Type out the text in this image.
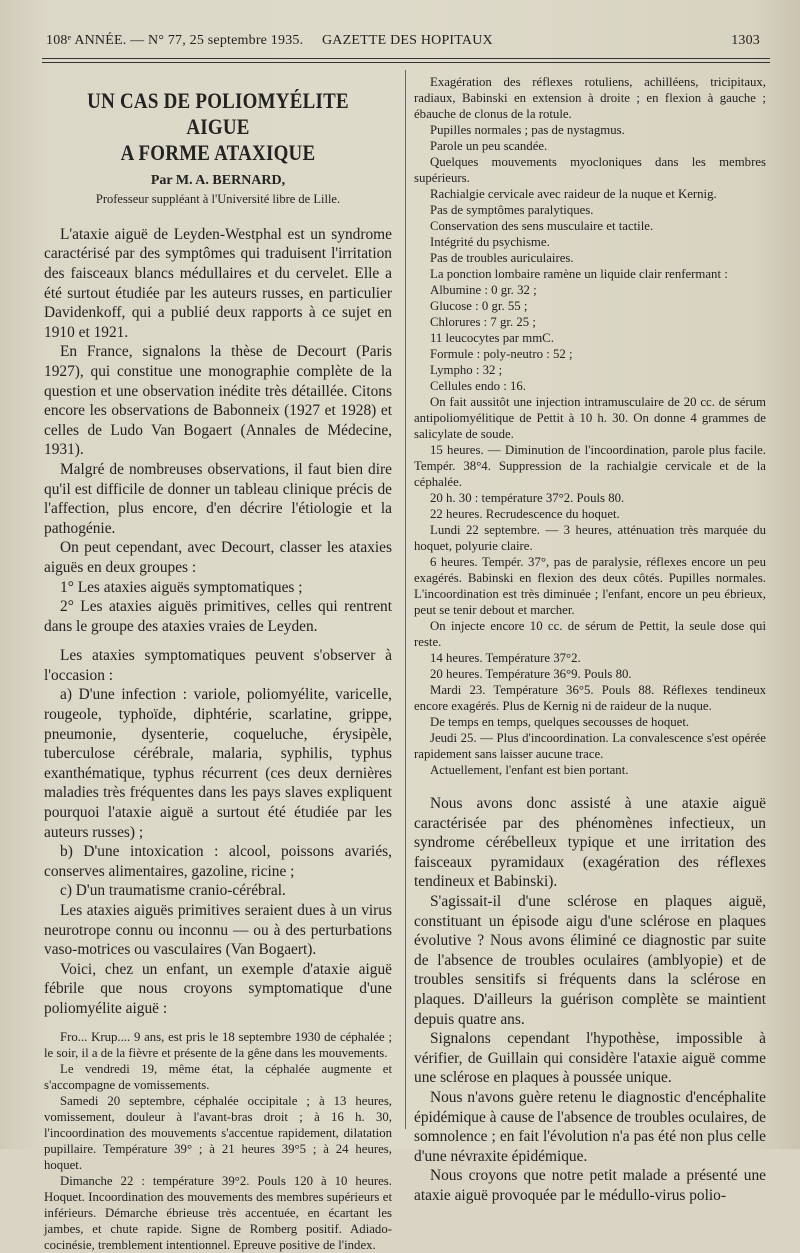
108ᵉ ANNÉE. — N° 77, 25 septembre 1935. GAZETTE DES HOPITAUX	1303
UN CAS DE POLIOMYÉLITE AIGUE
A FORME ATAXIQUE
Par M. A. BERNARD,
Professeur suppléant à l'Université libre de Lille.

L'ataxie aiguë de Leyden-Westphal est un syndrome caractérisé par des symptômes qui traduisent l'irritation des faisceaux blancs médullaires et du cervelet. Elle a été surtout étudiée par les auteurs russes, en particulier Davidenkoff, qui a publié deux rapports à ce sujet en 1910 et 1921.

En France, signalons la thèse de Decourt (Paris 1927), qui constitue une monographie complète de la question et une observation inédite très détaillée. Citons encore les observations de Babonneix (1927 et 1928) et celles de Ludo Van Bogaert (Annales de Médecine, 1931).

Malgré de nombreuses observations, il faut bien dire qu'il est difficile de donner un tableau clinique précis de l'affection, plus encore, d'en décrire l'étiologie et la pathogénie.

On peut cependant, avec Decourt, classer les ataxies aiguës en deux groupes :

1° Les ataxies aiguës symptomatiques ;

2° Les ataxies aiguës primitives, celles qui rentrent dans le groupe des ataxies vraies de Leyden.

Les ataxies symptomatiques peuvent s'observer à l'occasion :

a) D'une infection : variole, poliomyélite, varicelle, rougeole, typhoïde, diphtérie, scarlatine, grippe, pneumonie, dysenterie, coqueluche, érysipèle, tuberculose cérébrale, malaria, syphilis, typhus exanthématique, typhus récurrent (ces deux dernières maladies très fréquentes dans les pays slaves expliquent pourquoi l'ataxie aiguë a surtout été étudiée par les auteurs russes) ;

b) D'une intoxication : alcool, poissons avariés, conserves alimentaires, gazoline, ricine ;

c) D'un traumatisme cranio-cérébral.

Les ataxies aiguës primitives seraient dues à un virus neurotrope connu ou inconnu — ou à des perturbations vaso-motrices ou vasculaires (Van Bogaert).

Voici, chez un enfant, un exemple d'ataxie aiguë fébrile que nous croyons symptomatique d'une poliomyélite aiguë :

Fro... Krup.... 9 ans, est pris le 18 septembre 1930 de céphalée ; le soir, il a de la fièvre et présente de la gêne dans les mouvements.

Le vendredi 19, même état, la céphalée augmente et s'accompagne de vomissements.

Samedi 20 septembre, céphalée occipitale ; à 13 heures, vomissement, douleur à l'avant-bras droit ; à 16 h. 30, l'incoordination des mouvements s'accentue rapidement, dilatation pupillaire. Température 39° ; à 21 heures 39°5 ; à 24 heures, hoquet.

Dimanche 22 : température 39°2. Pouls 120 à 10 heures. Hoquet. Incoordination des mouvements des membres supérieurs et inférieurs. Démarche ébrieuse très accentuée, en écartant les jambes, et chute rapide. Signe de Romberg positif. Adiado-cocinésie, tremblement intentionnel. Epreuve positive de l'index.

Exagération des réflexes rotuliens, achilléens, tricipitaux, radiaux, Babinski en extension à droite ; en flexion à gauche ; ébauche de clonus de la rotule.

Pupilles normales ; pas de nystagmus.

Parole un peu scandée.

Quelques mouvements myocloniques dans les membres supérieurs.

Rachialgie cervicale avec raideur de la nuque et Kernig.

Pas de symptômes paralytiques.

Conservation des sens musculaire et tactile.

Intégrité du psychisme.

Pas de troubles auriculaires.

La ponction lombaire ramène un liquide clair renfermant :

Albumine : 0 gr. 32 ;

Glucose : 0 gr. 55 ;

Chlorures : 7 gr. 25 ;

11 leucocytes par mmC.

Formule : poly-neutro : 52 ;

Lympho : 32 ;

Cellules endo : 16.

On fait aussitôt une injection intramusculaire de 20 cc. de sérum antipoliomyélitique de Pettit à 10 h. 30. On donne 4 grammes de salicylate de soude.

15 heures. — Diminution de l'incoordination, parole plus facile. Tempér. 38°4. Suppression de la rachialgie cervicale et de la céphalée.

20 h. 30 : température 37°2. Pouls 80.

22 heures. Recrudescence du hoquet.

Lundi 22 septembre. — 3 heures, atténuation très marquée du hoquet, polyurie claire.

6 heures. Tempér. 37°, pas de paralysie, réflexes encore un peu exagérés. Babinski en flexion des deux côtés. Pupilles normales. L'incoordination est très diminuée ; l'enfant, encore un peu ébrieux, peut se tenir debout et marcher.

On injecte encore 10 cc. de sérum de Pettit, la seule dose qui reste.

14 heures. Température 37°2.

20 heures. Température 36°9. Pouls 80.

Mardi 23. Température 36°5. Pouls 88. Réflexes tendineux encore exagérés. Plus de Kernig ni de raideur de la nuque.

De temps en temps, quelques secousses de hoquet.

Jeudi 25. — Plus d'incoordination. La convalescence s'est opérée rapidement sans laisser aucune trace.

Actuellement, l'enfant est bien portant.

Nous avons donc assisté à une ataxie aiguë caractérisée par des phénomènes infectieux, un syndrome cérébelleux typique et une irritation des faisceaux pyramidaux (exagération des réflexes tendineux et Babinski).

S'agissait-il d'une sclérose en plaques aiguë, constituant un épisode aigu d'une sclérose en plaques évolutive ? Nous avons éliminé ce diagnostic par suite de l'absence de troubles oculaires (amblyopie) et de troubles sensitifs si fréquents dans la sclérose en plaques. D'ailleurs la guérison complète se maintient depuis quatre ans.

Signalons cependant l'hypothèse, impossible à vérifier, de Guillain qui considère l'ataxie aiguë comme une sclérose en plaques à poussée unique.

Nous n'avons guère retenu le diagnostic d'encéphalite épidémique à cause de l'absence de troubles oculaires, de somnolence ; en fait l'évolution n'a pas été non plus celle d'une névraxite épidémique.

Nous croyons que notre petit malade a présenté une ataxie aiguë provoquée par le médullo-virus polio-
